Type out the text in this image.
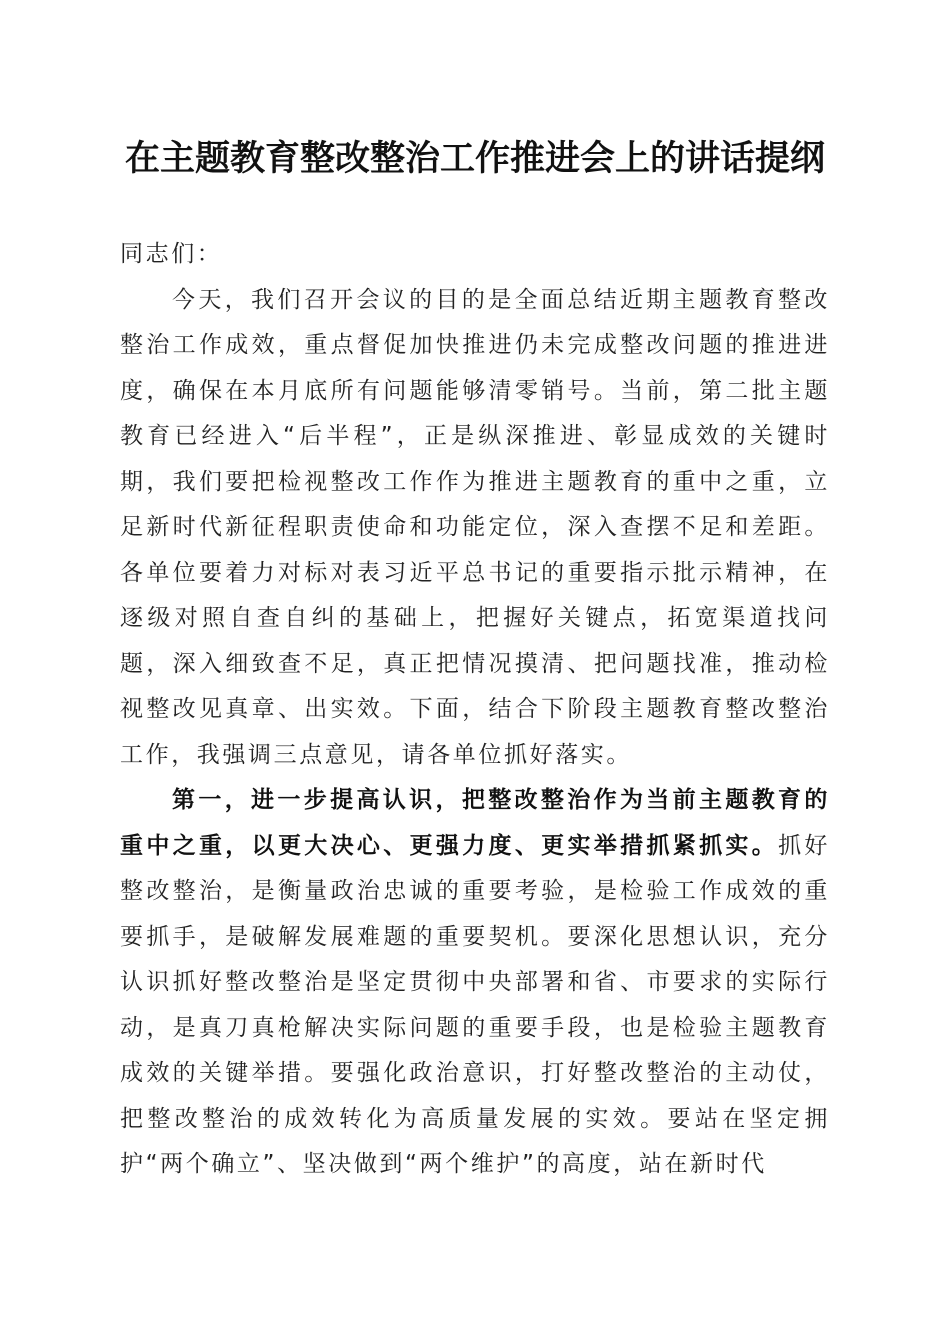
在主题教育整改整治工作推进会上的讲话提纲

同志们：

今天，我们召开会议的目的是全面总结近期主题教育整改整治工作成效，重点督促加快推进仍未完成整改问题的推进进度，确保在本月底所有问题能够清零销号。当前，第二批主题教育已经进入“后半程”，正是纵深推进、彰显成效的关键时期，我们要把检视整改工作作为推进主题教育的重中之重，立足新时代新征程职责使命和功能定位，深入查摆不足和差距。各单位要着力对标对表习近平总书记的重要指示批示精神，在逐级对照自查自纠的基础上，把握好关键点，拓宽渠道找问题，深入细致查不足，真正把情况摸清、把问题找准，推动检视整改见真章、出实效。下面，结合下阶段主题教育整改整治工作，我强调三点意见，请各单位抓好落实。

第一，进一步提高认识，把整改整治作为当前主题教育的重中之重，以更大决心、更强力度、更实举措抓紧抓实。抓好整改整治，是衡量政治忠诚的重要考验，是检验工作成效的重要抓手，是破解发展难题的重要契机。要深化思想认识，充分认识抓好整改整治是坚定贯彻中央部署和省、市要求的实际行动，是真刀真枪解决实际问题的重要手段，也是检验主题教育成效的关键举措。要强化政治意识，打好整改整治的主动仗，把整改整治的成效转化为高质量发展的实效。要站在坚定拥护“两个确立”、坚决做到“两个维护”的高度，站在新时代
